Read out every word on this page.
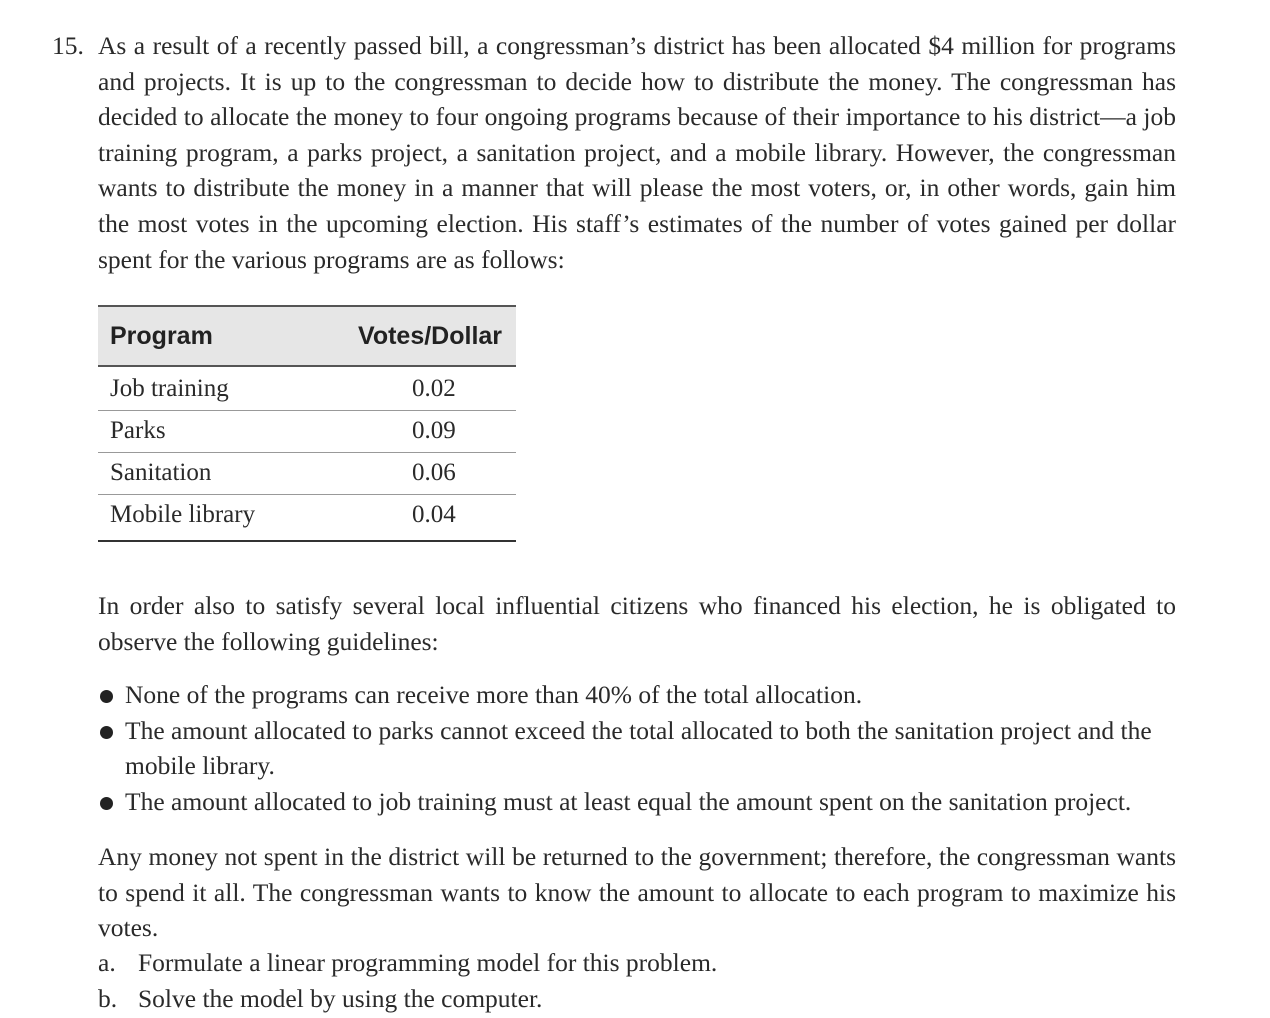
15. As a result of a recently passed bill, a congressman’s district has been allocated $4 million for programs and projects. It is up to the congressman to decide how to distribute the money. The congressman has decided to allocate the money to four ongoing programs because of their importance to his district—a job training program, a parks project, a sanitation project, and a mobile library. However, the congressman wants to distribute the money in a manner that will please the most voters, or, in other words, gain him the most votes in the upcoming election. His staff’s estimates of the number of votes gained per dollar spent for the various programs are as follows:

Program	Votes/Dollar
Job training	0.02
Parks	0.09
Sanitation	0.06
Mobile library	0.04

In order also to satisfy several local influential citizens who financed his election, he is obligated to observe the following guidelines:

None of the programs can receive more than 40% of the total allocation.
The amount allocated to parks cannot exceed the total allocated to both the sanitation project and the mobile library.
The amount allocated to job training must at least equal the amount spent on the sanitation project.

Any money not spent in the district will be returned to the government; therefore, the congressman wants to spend it all. The congressman wants to know the amount to allocate to each program to maximize his votes.

a. Formulate a linear programming model for this problem.
b. Solve the model by using the computer.
